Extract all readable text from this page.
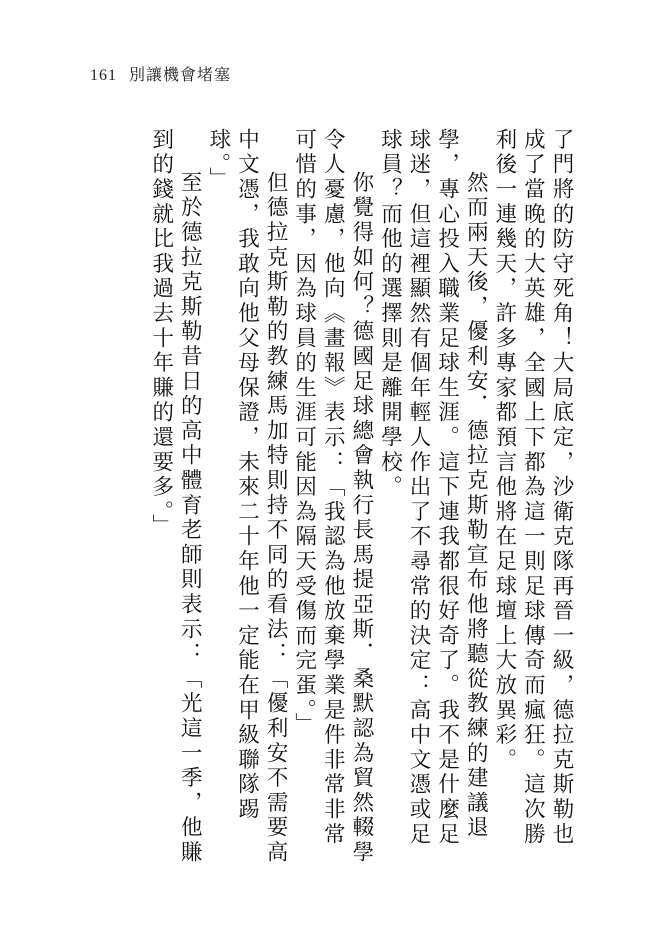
161 別讓機會堵塞

了門將的防守死角！大局底定，沙衛克隊再晉一級，德拉克斯勒也成了當晚的大英雄，全國上下都為這一則足球傳奇而瘋狂。這次勝利後一連幾天，許多專家都預言他將在足球壇上大放異彩。

然而兩天後，優利安．德拉克斯勒宣布他將聽從教練的建議退學，專心投入職業足球生涯。這下連我都很好奇了。我不是什麼足球迷，但這裡顯然有個年輕人作出了不尋常的決定：高中文憑或足球員？而他的選擇則是離開學校。

你覺得如何？德國足球總會執行長馬提亞斯．桑默認為貿然輟學令人憂慮，他向《畫報》表示：「我認為他放棄學業是件非常非常可惜的事，因為球員的生涯可能因為隔天受傷而完蛋。」

但德拉克斯勒的教練馬加特則持不同的看法：「優利安不需要高中文憑，我敢向他父母保證，未來二十年他一定能在甲級聯隊踢球。」

至於德拉克斯勒昔日的高中體育老師則表示：「光這一季，他賺到的錢就比我過去十年賺的還要多。」
